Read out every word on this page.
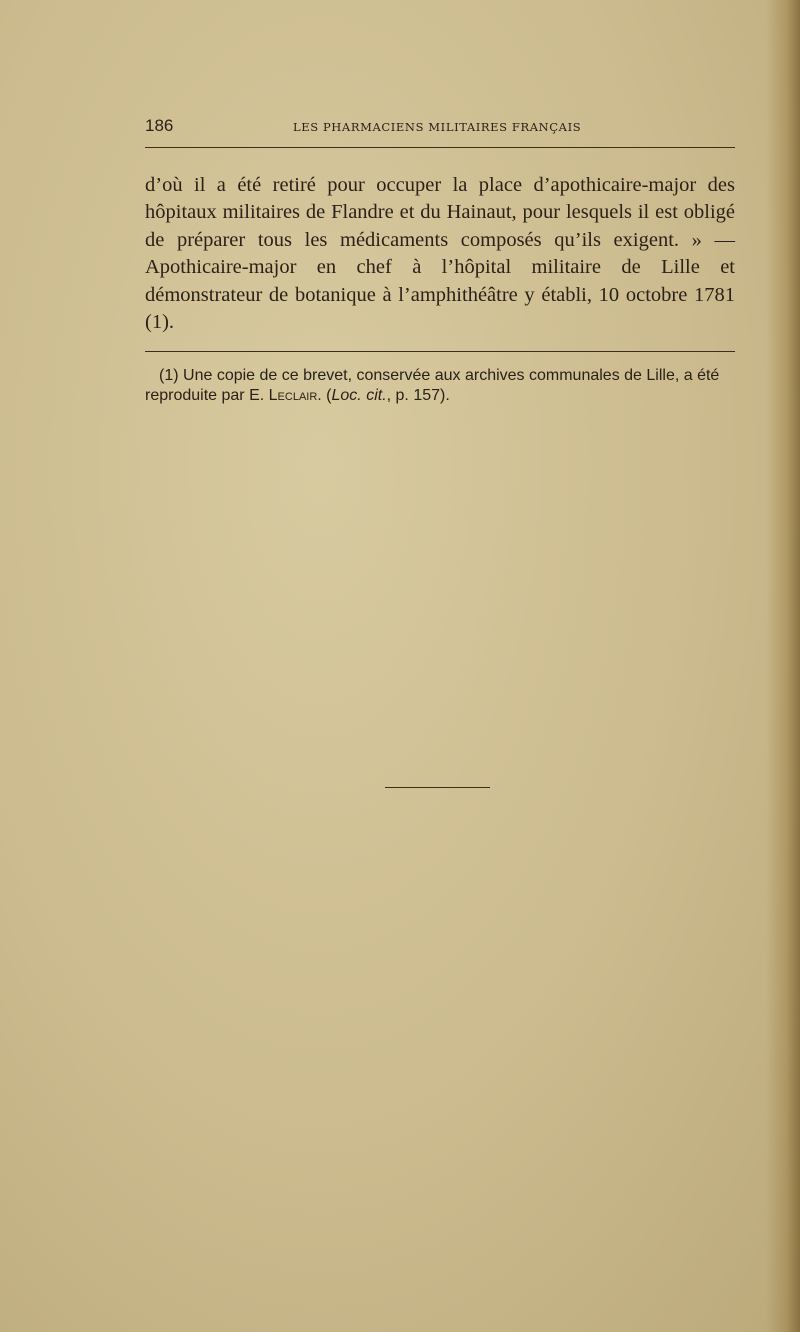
186	LES PHARMACIENS MILITAIRES FRANÇAIS

d’où il a été retiré pour occuper la place d’apothicaire-major des hôpitaux militaires de Flandre et du Hainaut, pour lesquels il est obligé de préparer tous les médicaments composés qu’ils exigent. » — Apothicaire-major en chef à l’hôpital militaire de Lille et démonstrateur de botanique à l’amphithéâtre y établi, 10 octobre 1781 (1).

(1) Une copie de ce brevet, conservée aux archives communales de Lille, a été reproduite par E. Leclair. (Loc. cit., p. 157).
